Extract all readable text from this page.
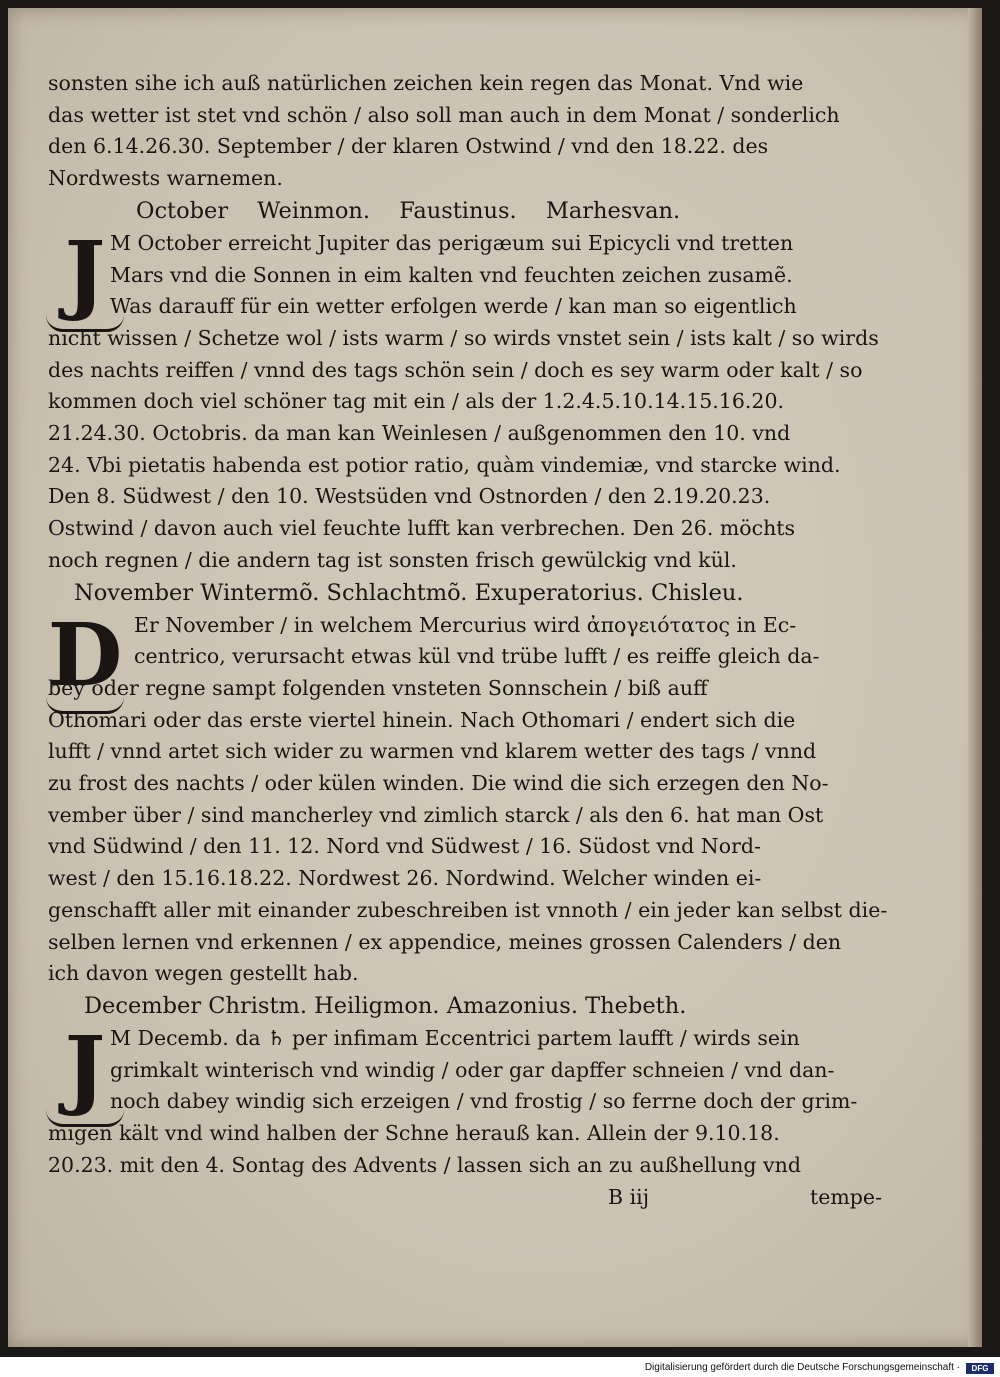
sonsten sihe ich auß natürlichen zeichen kein regen das Monat. Vnd wie
das wetter ist stet vnd schön / also soll man auch in dem Monat / sonderlich
den 6.14.26.30. September / der klaren Ostwind / vnd den 18.22. des
Nordwests warnemen.
October Weinmon. Faustinus. Marhesvan.
J M October erreicht Jupiter das perigæum sui Epicycli vnd tretten
Mars vnd die Sonnen in eim kalten vnd feuchten zeichen zusamẽ.
Was darauff für ein wetter erfolgen werde / kan man so eigentlich
nicht wissen / Schetze wol / ists warm / so wirds vnstet sein / ists kalt / so wirds
des nachts reiffen / vnnd des tags schön sein / doch es sey warm oder kalt / so
kommen doch viel schöner tag mit ein / als der 1.2.4.5.10.14.15.16.20.
21.24.30. Octobris. da man kan Weinlesen / außgenommen den 10. vnd
24. Vbi pietatis habenda est potior ratio, quàm vindemiæ, vnd starcke wind.
Den 8. Südwest / den 10. Westsüden vnd Ostnorden / den 2.19.20.23.
Ostwind / davon auch viel feuchte lufft kan verbrechen. Den 26. möchts
noch regnen / die andern tag ist sonsten frisch gewülckig vnd kül.
November Wintermõ. Schlachtmõ. Exuperatorius. Chisleu.
D Er November / in welchem Mercurius wird ἀπογειότατος in Ec-
centrico, verursacht etwas kül vnd trübe lufft / es reiffe gleich da-
bey oder regne sampt folgenden vnsteten Sonnschein / biß auff
Othomari oder das erste viertel hinein. Nach Othomari / endert sich die
lufft / vnnd artet sich wider zu warmen vnd klarem wetter des tags / vnnd
zu frost des nachts / oder külen winden. Die wind die sich erzegen den No-
vember über / sind mancherley vnd zimlich starck / als den 6. hat man Ost
vnd Südwind / den 11. 12. Nord vnd Südwest / 16. Südost vnd Nord-
west / den 15.16.18.22. Nordwest 26. Nordwind. Welcher winden ei-
genschafft aller mit einander zubeschreiben ist vnnoth / ein jeder kan selbst die-
selben lernen vnd erkennen / ex appendice, meines grossen Calenders / den
ich davon wegen gestellt hab.
December Christm. Heiligmon. Amazonius. Thebeth.
J M Decemb. da ♄ per infimam Eccentrici partem laufft / wirds sein
grimkalt winterisch vnd windig / oder gar dapffer schneien / vnd dan-
noch dabey windig sich erzeigen / vnd frostig / so ferrne doch der grim-
migen kält vnd wind halben der Schne herauß kan. Allein der 9.10.18.
20.23. mit den 4. Sontag des Advents / lassen sich an zu außhellung vnd
B iij	tempe-
Digitalisierung gefördert durch die Deutsche Forschungsgemeinschaft ·	DFG
